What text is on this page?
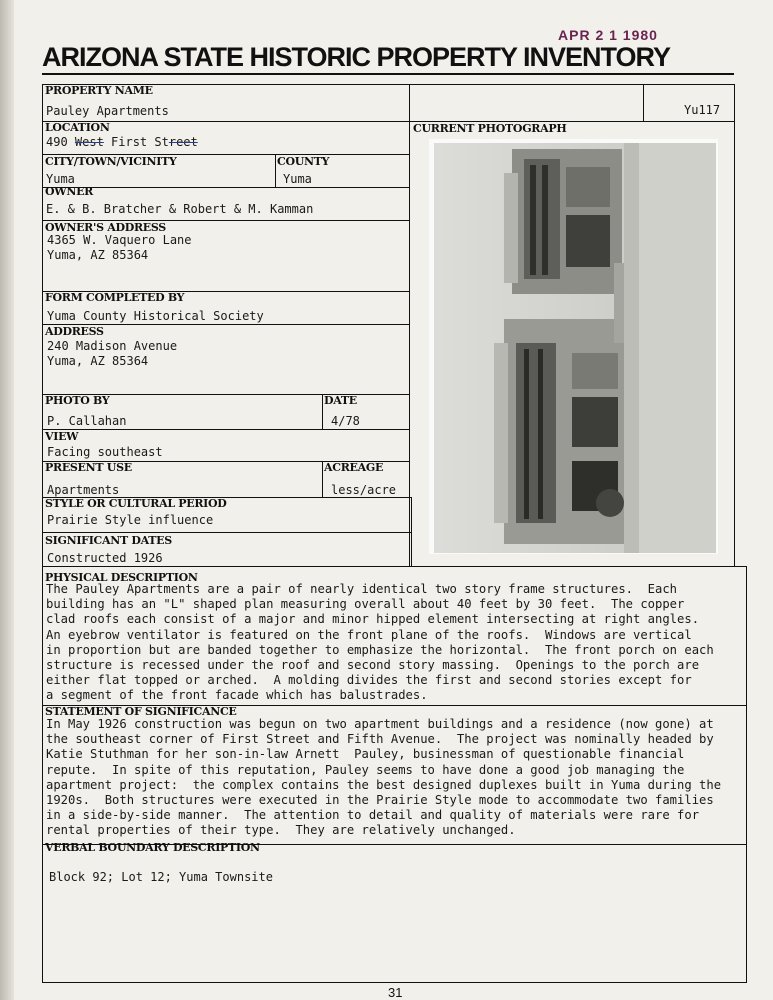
APR 2 1 1980
ARIZONA STATE HISTORIC PROPERTY INVENTORY
PROPERTY NAME
Pauley Apartments
LOCATION
490 West First Street
CITY/TOWN/VICINITY
Yuma
COUNTY
Yuma
OWNER
E. & B. Bratcher & Robert & M. Kamman
OWNER'S ADDRESS
4365 W. Vaquero Lane
Yuma, AZ 85364
FORM COMPLETED BY
Yuma County Historical Society
ADDRESS
240 Madison Avenue
Yuma, AZ 85364
PHOTO BY
P. Callahan
DATE
4/78
VIEW
Facing southeast
PRESENT USE
Apartments
ACREAGE
less/acre
STYLE OR CULTURAL PERIOD
Prairie Style influence
SIGNIFICANT DATES
Constructed 1926
Yu117
CURRENT PHOTOGRAPH
PHYSICAL DESCRIPTION
The Pauley Apartments are a pair of nearly identical two story frame structures.  Each
building has an "L" shaped plan measuring overall about 40 feet by 30 feet.  The copper
clad roofs each consist of a major and minor hipped element intersecting at right angles.
An eyebrow ventilator is featured on the front plane of the roofs.  Windows are vertical
in proportion but are banded together to emphasize the horizontal.  The front porch on each
structure is recessed under the roof and second story massing.  Openings to the porch are
either flat topped or arched.  A molding divides the first and second stories except for
a segment of the front facade which has balustrades.
STATEMENT OF SIGNIFICANCE
In May 1926 construction was begun on two apartment buildings and a residence (now gone) at
the southeast corner of First Street and Fifth Avenue.  The project was nominally headed by
Katie Stuthman for her son-in-law Arnett  Pauley, businessman of questionable financial
repute.  In spite of this reputation, Pauley seems to have done a good job managing the
apartment project:  the complex contains the best designed duplexes built in Yuma during the
1920s.  Both structures were executed in the Prairie Style mode to accommodate two families
in a side-by-side manner.  The attention to detail and quality of materials were rare for
rental properties of their type.  They are relatively unchanged.
VERBAL BOUNDARY DESCRIPTION
Block 92; Lot 12; Yuma Townsite
31
